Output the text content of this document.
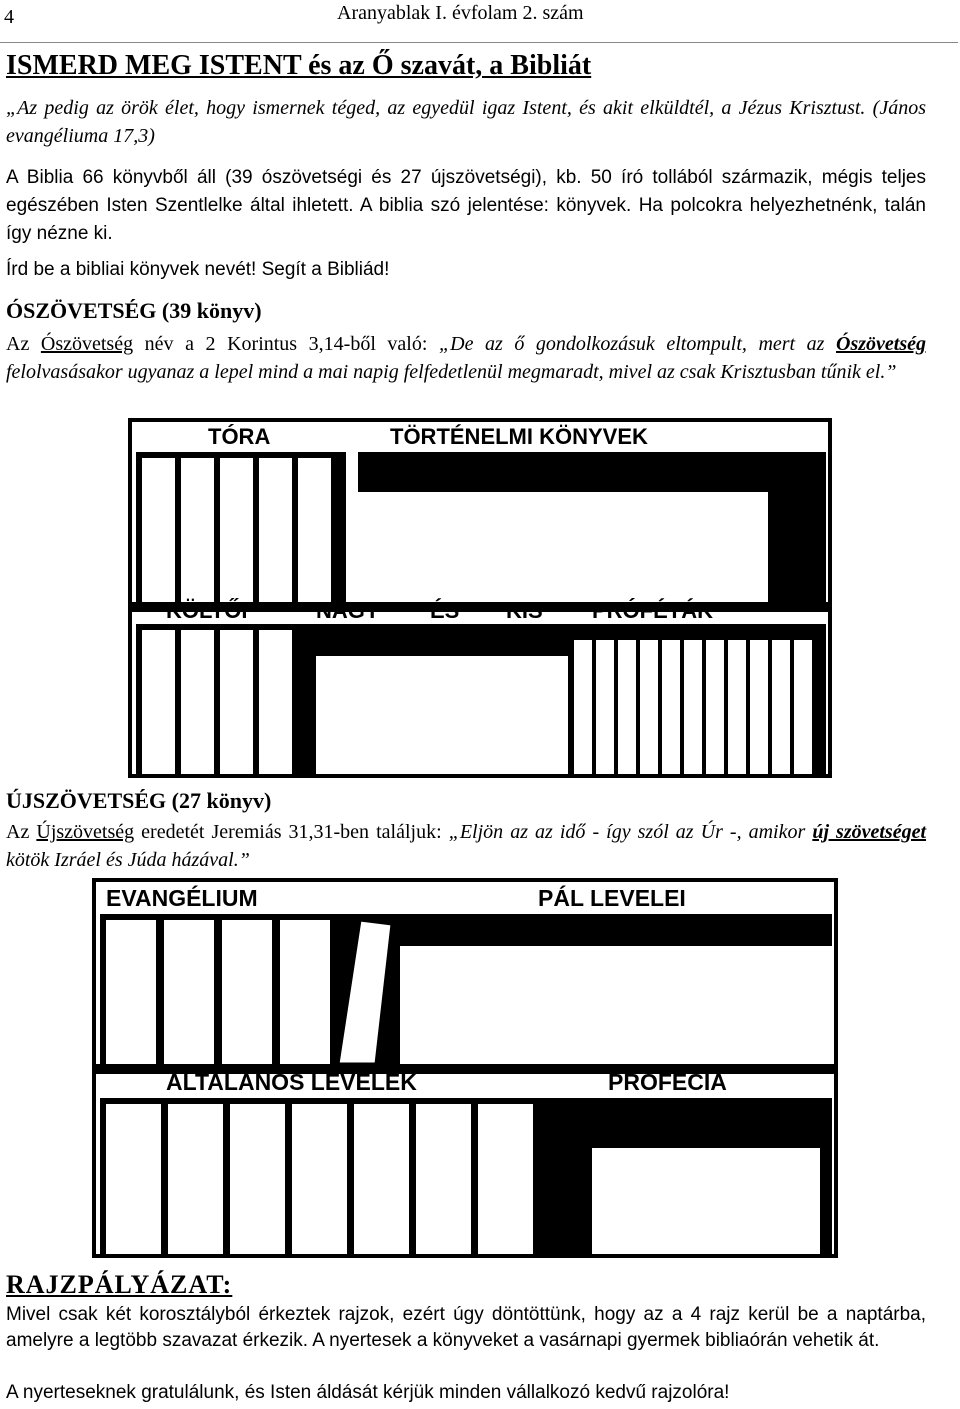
4	Aranyablak I. évfolam 2. szám
ISMERD MEG ISTENT és az Ő szavát, a Bibliát
„Az pedig az örök élet, hogy ismernek téged, az egyedül igaz Istent, és akit elküldtél, a Jézus Krisztust. (János evangéliuma 17,3)
A Biblia 66 könyvből áll (39 ószövetségi és 27 újszövetségi), kb. 50 író tollából származik, mégis teljes egészében Isten Szentlelke által ihletett. A biblia szó jelentése: könyvek. Ha polcokra helyezhetnénk, talán így nézne ki.
Írd be a bibliai könyvek nevét! Segít a Bibliád!
ÓSZÖVETSÉG (39 könyv)
Az Ószövetség név a 2 Korintus 3,14-ből való: „De az ő gondolkozásuk eltompult, mert az Ószövetség felolvasásakor ugyanaz a lepel mind a mai napig felfedetlenül megmaradt, mivel az csak Krisztusban tűnik el.”
TÓRA	TÖRTÉNELMI KÖNYVEK
KÖLTŐI	NAGY ÉS KIS PRÓFÉTÁK
ÚJSZÖVETSÉG (27 könyv)
Az Újszövetség eredetét Jeremiás 31,31-ben találjuk: „Eljön az az idő - így szól az Úr -, amikor új szövetséget kötök Izráel és Júda házával.”
EVANGÉLIUM	PÁL LEVELEI
ÁLTALÁNOS LEVELEK	PRÓFÉCIA
RAJZPÁLYÁZAT:
Mivel csak két korosztályból érkeztek rajzok, ezért úgy döntöttünk, hogy az a 4 rajz kerül be a naptárba, amelyre a legtöbb szavazat érkezik. A nyertesek a könyveket a vasárnapi gyermek bibliaórán vehetik át.
A nyerteseknek gratulálunk, és Isten áldását kérjük minden vállalkozó kedvű rajzolóra!
